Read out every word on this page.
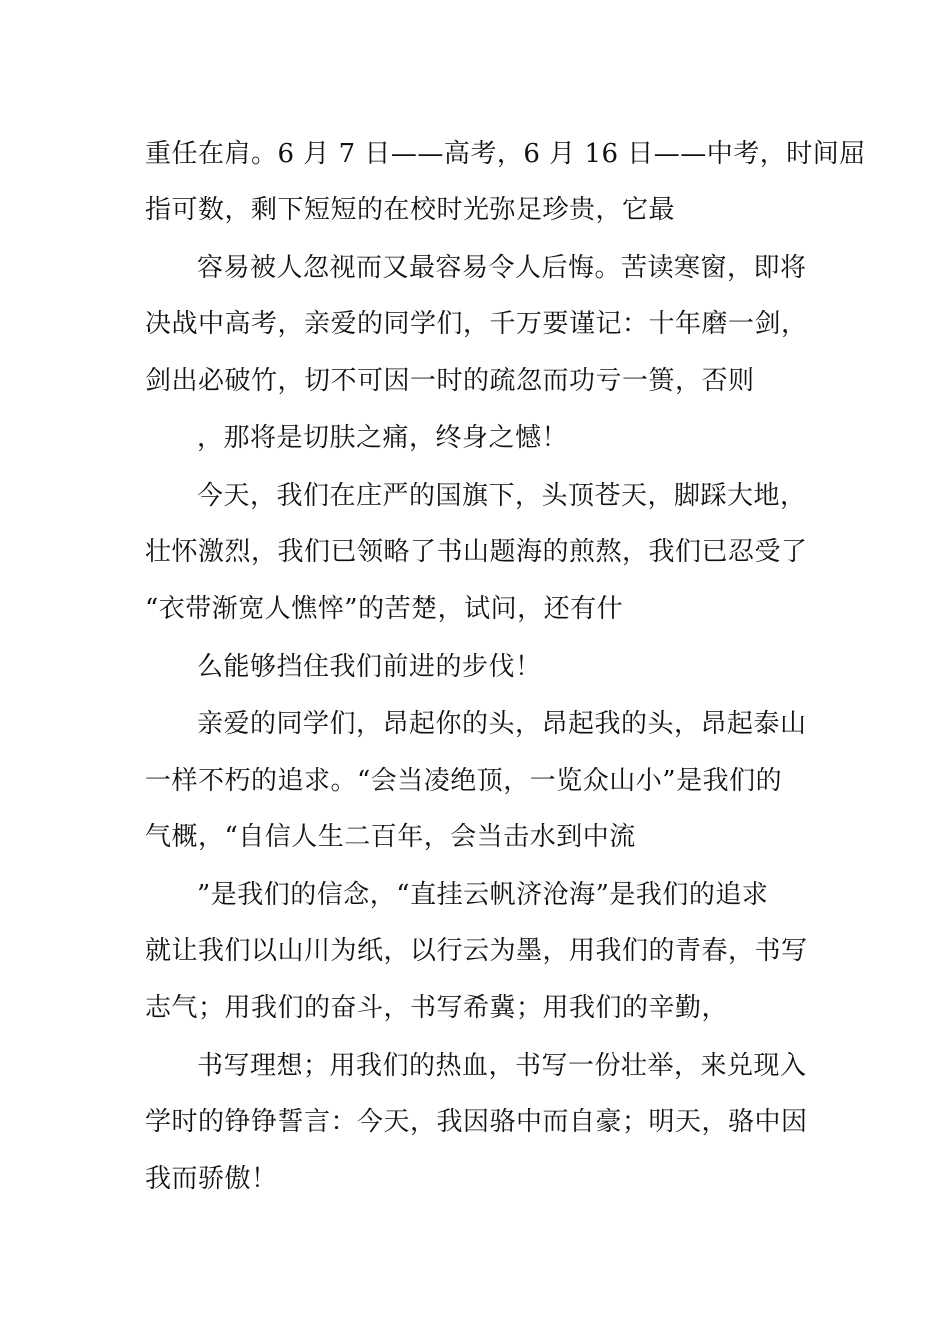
重任在肩。6 月 7 日——高考，6 月 16 日——中考，时间屈
指可数，剩下短短的在校时光弥足珍贵，它最
容易被人忽视而又最容易令人后悔。苦读寒窗，即将
决战中高考，亲爱的同学们，千万要谨记：十年磨一剑，
剑出必破竹，切不可因一时的疏忽而功亏一篑，否则
，那将是切肤之痛，终身之憾！
今天，我们在庄严的国旗下，头顶苍天，脚踩大地，
壮怀激烈，我们已领略了书山题海的煎熬，我们已忍受了
“衣带渐宽人憔悴”的苦楚，试问，还有什
么能够挡住我们前进的步伐！
亲爱的同学们，昂起你的头，昂起我的头，昂起泰山
一样不朽的追求。“会当凌绝顶，一览众山小”是我们的
气概，“自信人生二百年，会当击水到中流
”是我们的信念，“直挂云帆济沧海”是我们的追求
就让我们以山川为纸，以行云为墨，用我们的青春，书写
志气；用我们的奋斗，书写希冀；用我们的辛勤，
书写理想；用我们的热血，书写一份壮举，来兑现入
学时的铮铮誓言：今天，我因骆中而自豪；明天，骆中因
我而骄傲！
